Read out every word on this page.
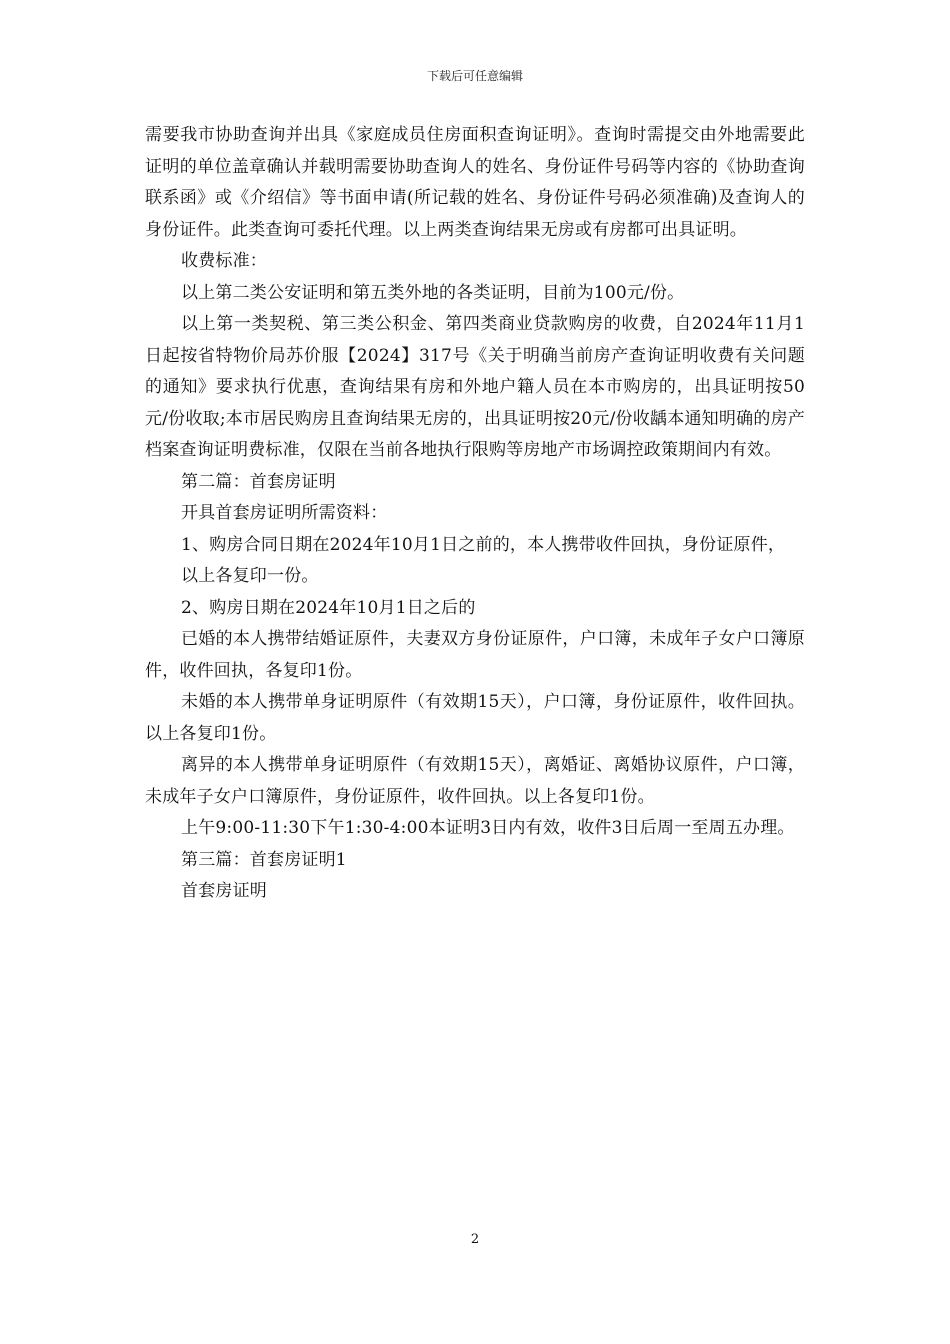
下载后可任意编辑

需要我市协助查询并出具《家庭成员住房面积查询证明》。查询时需提交由外地需要此证明的单位盖章确认并载明需要协助查询人的姓名、身份证件号码等内容的《协助查询联系函》或《介绍信》等书面申请(所记载的姓名、身份证件号码必须准确)及查询人的身份证件。此类查询可委托代理。以上两类查询结果无房或有房都可出具证明。

收费标准：

以上第二类公安证明和第五类外地的各类证明，目前为100元/份。

以上第一类契税、第三类公积金、第四类商业贷款购房的收费，自2024年11月1日起按省特物价局苏价服【2024】317号《关于明确当前房产查询证明收费有关问题的通知》要求执行优惠，查询结果有房和外地户籍人员在本市购房的，出具证明按50元/份收取;本市居民购房且查询结果无房的，出具证明按20元/份收龋本通知明确的房产档案查询证明费标准，仅限在当前各地执行限购等房地产市场调控政策期间内有效。

第二篇：首套房证明

开具首套房证明所需资料：

1、购房合同日期在2024年10月1日之前的，本人携带收件回执，身份证原件，

以上各复印一份。

2、购房日期在2024年10月1日之后的

已婚的本人携带结婚证原件，夫妻双方身份证原件，户口簿，未成年子女户口簿原件，收件回执，各复印1份。

未婚的本人携带单身证明原件（有效期15天），户口簿，身份证原件，收件回执。以上各复印1份。

离异的本人携带单身证明原件（有效期15天），离婚证、离婚协议原件，户口簿，未成年子女户口簿原件，身份证原件，收件回执。以上各复印1份。

上午9:00-11:30下午1:30-4:00本证明3日内有效，收件3日后周一至周五办理。

第三篇：首套房证明1

首套房证明

2
